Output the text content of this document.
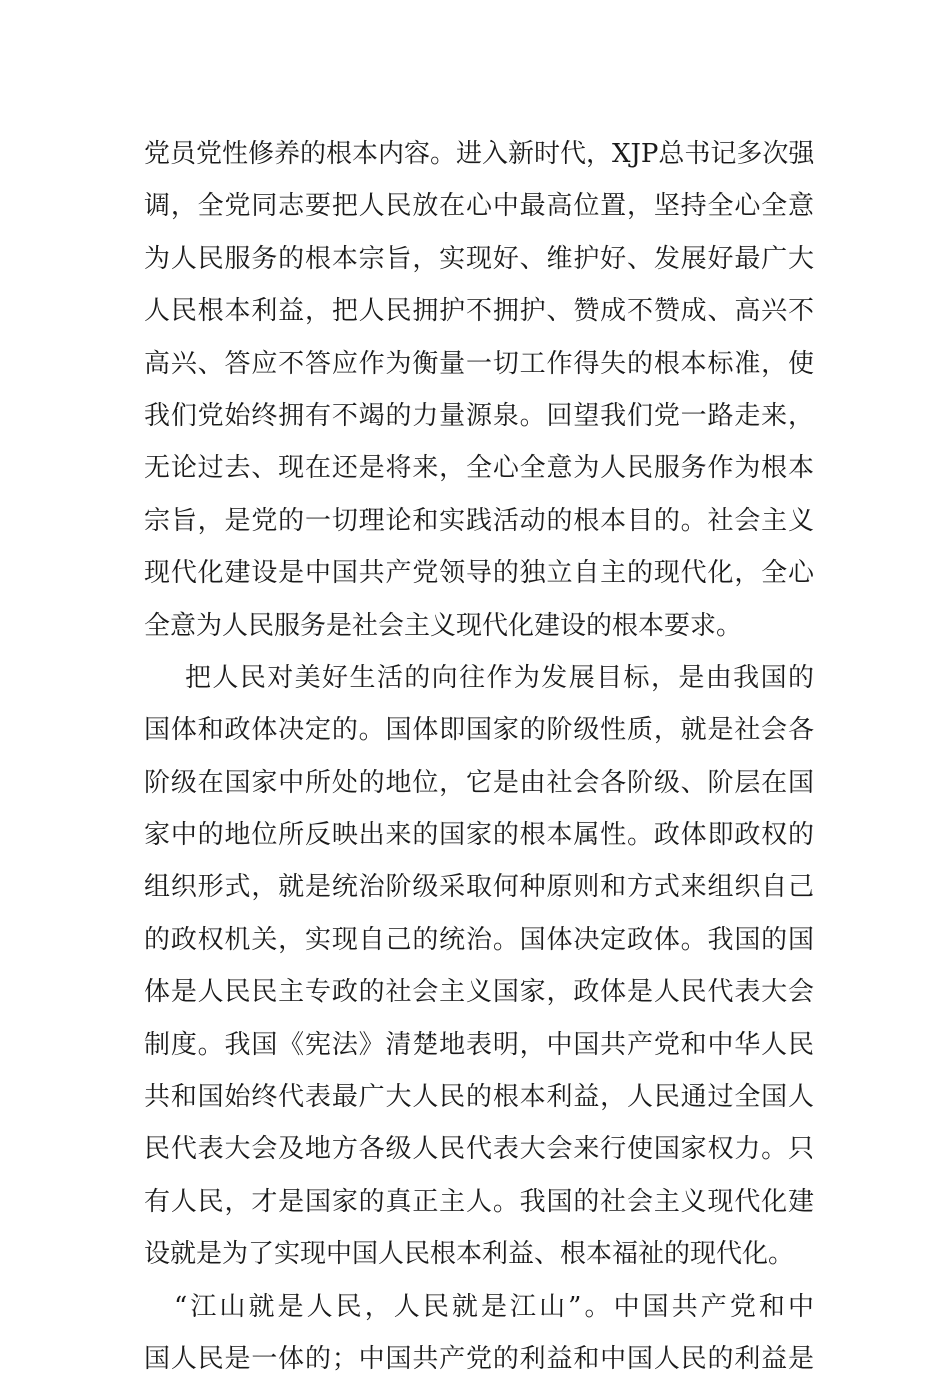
党员党性修养的根本内容。进入新时代，XJP总书记多次强
调，全党同志要把人民放在心中最高位置，坚持全心全意
为人民服务的根本宗旨，实现好、维护好、发展好最广大
人民根本利益，把人民拥护不拥护、赞成不赞成、高兴不
高兴、答应不答应作为衡量一切工作得失的根本标准，使
我们党始终拥有不竭的力量源泉。回望我们党一路走来，
无论过去、现在还是将来，全心全意为人民服务作为根本
宗旨，是党的一切理论和实践活动的根本目的。社会主义
现代化建设是中国共产党领导的独立自主的现代化，全心
全意为人民服务是社会主义现代化建设的根本要求。
把人民对美好生活的向往作为发展目标，是由我国的
国体和政体决定的。国体即国家的阶级性质，就是社会各
阶级在国家中所处的地位，它是由社会各阶级、阶层在国
家中的地位所反映出来的国家的根本属性。政体即政权的
组织形式，就是统治阶级采取何种原则和方式来组织自己
的政权机关，实现自己的统治。国体决定政体。我国的国
体是人民民主专政的社会主义国家，政体是人民代表大会
制度。我国《宪法》清楚地表明，中国共产党和中华人民
共和国始终代表最广大人民的根本利益，人民通过全国人
民代表大会及地方各级人民代表大会来行使国家权力。只
有人民，才是国家的真正主人。我国的社会主义现代化建
设就是为了实现中国人民根本利益、根本福祉的现代化。
“江山就是人民，人民就是江山”。中国共产党和中
国人民是一体的；中国共产党的利益和中国人民的利益是
